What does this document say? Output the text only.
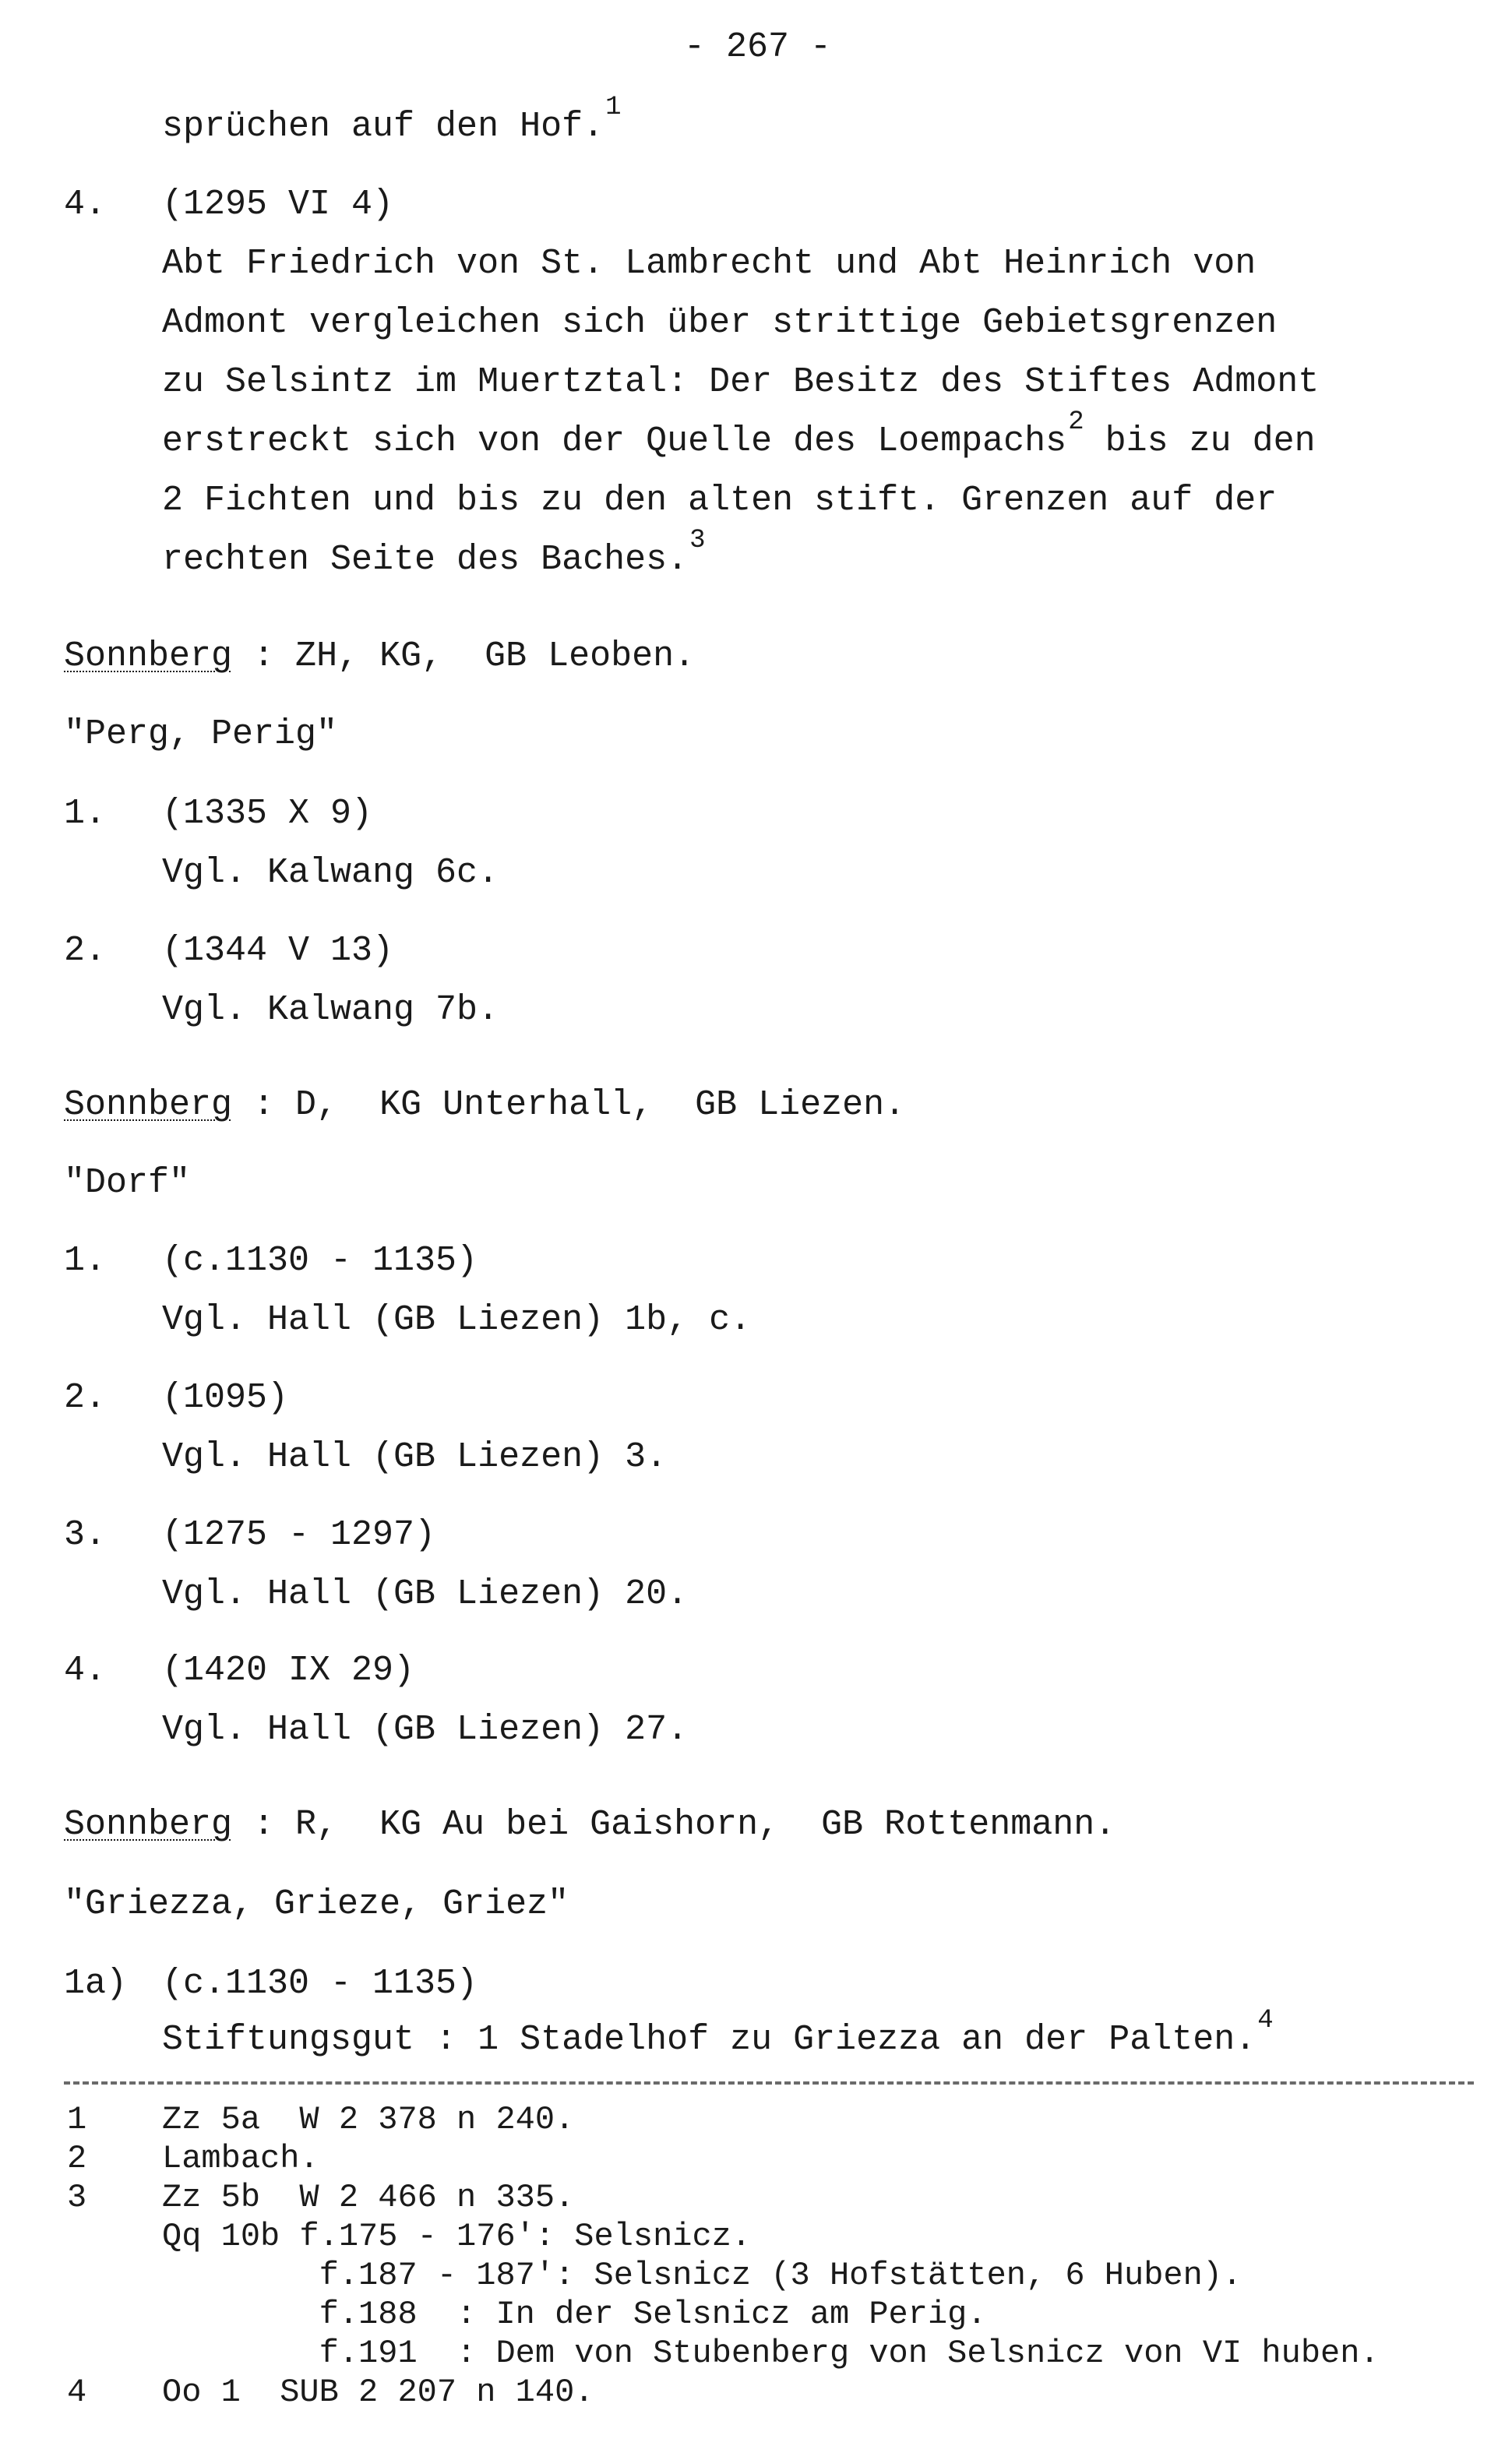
- 267 -
sprüchen auf den Hof.$^1$
4. (1295 VI 4)
Abt Friedrich von St. Lambrecht und Abt Heinrich von
Admont vergleichen sich über strittige Gebietsgrenzen
zu Selsintz im Muertztal: Der Besitz des Stiftes Admont
erstreckt sich von der Quelle des Loempachs$^2$ bis zu den
2 Fichten und bis zu den alten stift. Grenzen auf der
rechten Seite des Baches.$^3$
Sonnberg : ZH, KG,  GB Leoben.
"Perg, Perig"
1. (1335 X 9)
Vgl. Kalwang 6c.
2. (1344 V 13)
Vgl. Kalwang 7b.
Sonnberg : D,  KG Unterhall,  GB Liezen.
"Dorf"
1. (c.1130 - 1135)
Vgl. Hall (GB Liezen) 1b, c.
2. (1095)
Vgl. Hall (GB Liezen) 3.
3. (1275 - 1297)
Vgl. Hall (GB Liezen) 20.
4. (1420 IX 29)
Vgl. Hall (GB Liezen) 27.
Sonnberg : R,  KG Au bei Gaishorn,  GB Rottenmann.
"Griezza, Grieze, Griez"
1a) (c.1130 - 1135)
Stiftungsgut : 1 Stadelhof zu Griezza an der Palten.$^4$
1 Zz 5a  W 2 378 n 240.
2 Lambach.
3 Zz 5b  W 2 466 n 335.
Qq 10b f.175 - 176': Selsnicz.
f.187 - 187': Selsnicz (3 Hofstätten, 6 Huben).
f.188  : In der Selsnicz am Perig.
f.191  : Dem von Stubenberg von Selsnicz von VI huben.
4 Oo 1  SUB 2 207 n 140.
